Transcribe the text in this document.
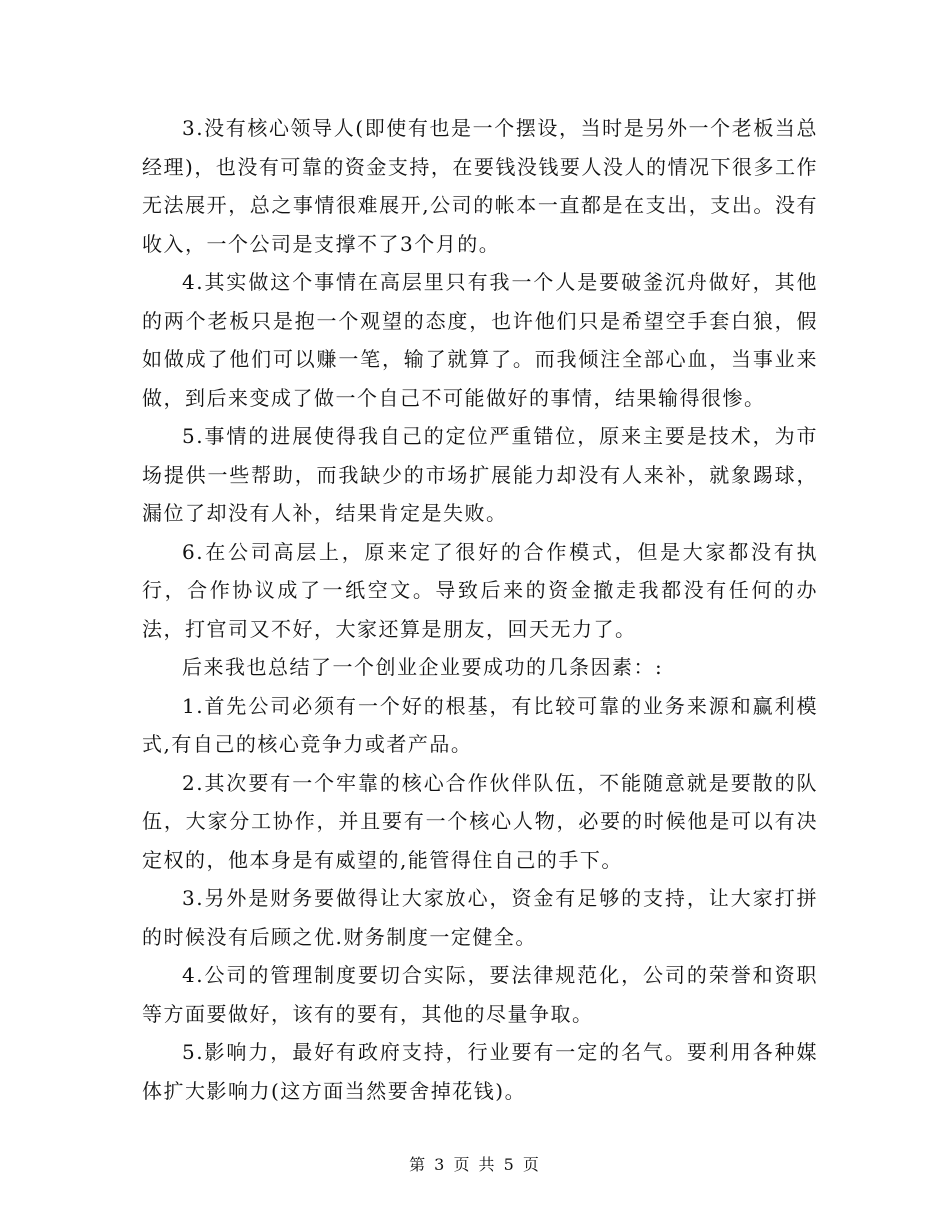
3.没有核心领导人(即使有也是一个摆设，当时是另外一个老板当总经理)，也没有可靠的资金支持，在要钱没钱要人没人的情况下很多工作无法展开，总之事情很难展开,公司的帐本一直都是在支出，支出。没有收入，一个公司是支撑不了3个月的。

4.其实做这个事情在高层里只有我一个人是要破釜沉舟做好，其他的两个老板只是抱一个观望的态度，也许他们只是希望空手套白狼，假如做成了他们可以赚一笔，输了就算了。而我倾注全部心血，当事业来做，到后来变成了做一个自己不可能做好的事情，结果输得很惨。

5.事情的进展使得我自己的定位严重错位，原来主要是技术，为市场提供一些帮助，而我缺少的市场扩展能力却没有人来补，就象踢球，漏位了却没有人补，结果肯定是失败。

6.在公司高层上，原来定了很好的合作模式，但是大家都没有执行，合作协议成了一纸空文。导致后来的资金撤走我都没有任何的办法，打官司又不好，大家还算是朋友，回天无力了。

后来我也总结了一个创业企业要成功的几条因素：:

1.首先公司必须有一个好的根基，有比较可靠的业务来源和赢利模式,有自己的核心竞争力或者产品。

2.其次要有一个牢靠的核心合作伙伴队伍，不能随意就是要散的队伍，大家分工协作，并且要有一个核心人物，必要的时候他是可以有决定权的，他本身是有威望的,能管得住自己的手下。

3.另外是财务要做得让大家放心，资金有足够的支持，让大家打拼的时候没有后顾之优.财务制度一定健全。

4.公司的管理制度要切合实际，要法律规范化，公司的荣誉和资职等方面要做好，该有的要有，其他的尽量争取。

5.影响力，最好有政府支持，行业要有一定的名气。要利用各种媒体扩大影响力(这方面当然要舍掉花钱)。

第 3 页 共 5 页
